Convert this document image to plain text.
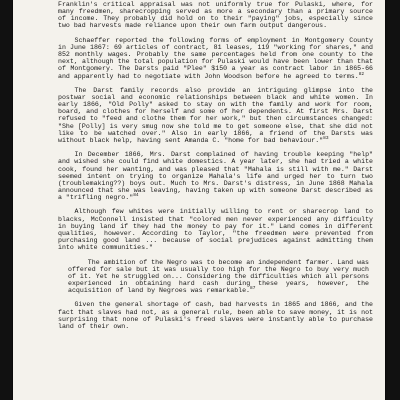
Franklin's critical appraisal was not uniformly true for Pulaski, where, for many freedmen, sharecropping served as more a secondary than a primary source of income. They probably did hold on to their "paying" jobs, especially since two bad harvests made reliance upon their own farm output dangerous.

Schaeffer reported the following forms of employment in Montgomery County in June 1867: 69 articles of contract, 81 leases, 119 "working for shares," and 852 monthly wages. Probably the same percentages held from one county to the next, although the total population for Pulaski would have been lower than that of Montgomery. The Darsts paid "Plee" $150 a year as contract labor in 1865-66 and apparently had to negotiate with John Woodson before he agreed to terms.$^{82}$

The Darst family records also provide an intriguing glimpse into the postwar social and economic relationships between black and white women. In early 1866, "Old Polly" asked to stay on with the family and work for room, board, and clothes for herself and some of her dependents. At first Mrs. Darst refused to "feed and clothe them for her work," but then circumstances changed: "She [Polly] is very smug now she told me to get someone else, that she did not like to be watched over." Also in early 1866, a friend of the Darsts was without black help, having sent Amanda C. "home for bad behaviour."$^{83}$

In December 1866, Mrs. Darst complained of having trouble keeping "help" and wished she could find white domestics. A year later, she had tried a white cook, found her wanting, and was pleased that "Mahala is still with me." Darst seemed intent on trying to organize Mahala's life and urged her to turn two (troublemaking??) boys out. Much to Mrs. Darst's distress, in June 1868 Mahala announced that she was leaving, having taken up with someone Darst described as a "trifling negro."$^{84}$

Although few whites were initially willing to rent or sharecrop land to blacks, McConnell insisted that "colored men never experienced any difficulty in buying land if they had the money to pay for it." Land comes in different qualities, however. According to Taylor, "the freedmen were prevented from purchasing good land ... because of social prejudices against admitting them into white communities."

The ambition of the Negro was to become an independent farmer. Land was offered for sale but it was usually too high for the Negro to buy very much of it. Yet he struggled on... Considering the difficulties which all persons experienced in obtaining hard cash during these years, however, the acquisition of land by Negroes was remarkable.$^{87}$

Given the general shortage of cash, bad harvests in 1865 and 1866, and the fact that slaves had not, as a general rule, been able to save money, it is not surprising that none of Pulaski's freed slaves were instantly able to purchase land of their own.
